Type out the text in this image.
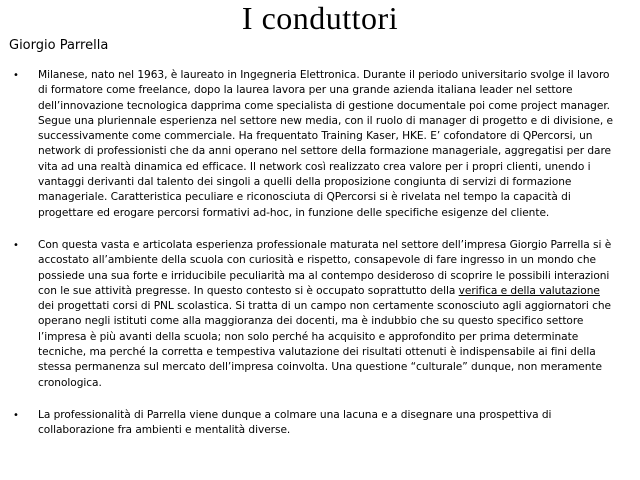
I conduttori
Giorgio Parrella
• Milanese, nato nel 1963, è laureato in Ingegneria Elettronica. Durante il periodo universitario svolge il lavoro di formatore come freelance, dopo la laurea lavora per una grande azienda italiana leader nel settore dell’innovazione tecnologica dapprima come specialista di gestione documentale poi come project manager. Segue una pluriennale esperienza nel settore new media, con il ruolo di manager di progetto e di divisione, e successivamente come commerciale. Ha frequentato Training Kaser, HKE. E’ cofondatore di QPercorsi, un network di professionisti che da anni operano nel settore della formazione manageriale, aggregatisi per dare vita ad una realtà dinamica ed efficace. Il network così realizzato crea valore per i propri clienti, unendo i vantaggi derivanti dal talento dei singoli a quelli della proposizione congiunta di servizi di formazione manageriale. Caratteristica peculiare e riconosciuta di QPercorsi si è rivelata nel tempo la capacità di progettare ed erogare percorsi formativi ad-hoc, in funzione delle specifiche esigenze del cliente.
• Con questa vasta e articolata esperienza professionale maturata nel settore dell’impresa Giorgio Parrella si è accostato all’ambiente della scuola con curiosità e rispetto, consapevole di fare ingresso in un mondo che possiede una sua forte e irriducibile peculiarità ma al contempo desideroso di scoprire le possibili interazioni con le sue attività pregresse. In questo contesto si è occupato soprattutto della verifica e della valutazione dei progettati corsi di PNL scolastica. Si tratta di un campo non certamente sconosciuto agli aggiornatori che operano negli istituti come alla maggioranza dei docenti, ma è indubbio che su questo specifico settore l’impresa è più avanti della scuola; non solo perché ha acquisito e approfondito per prima determinate tecniche, ma perché la corretta e tempestiva valutazione dei risultati ottenuti è indispensabile ai fini della stessa permanenza sul mercato dell’impresa coinvolta. Una questione “culturale” dunque, non meramente cronologica.
• La professionalità di Parrella viene dunque a colmare una lacuna e a disegnare una prospettiva di collaborazione fra ambienti e mentalità diverse.
